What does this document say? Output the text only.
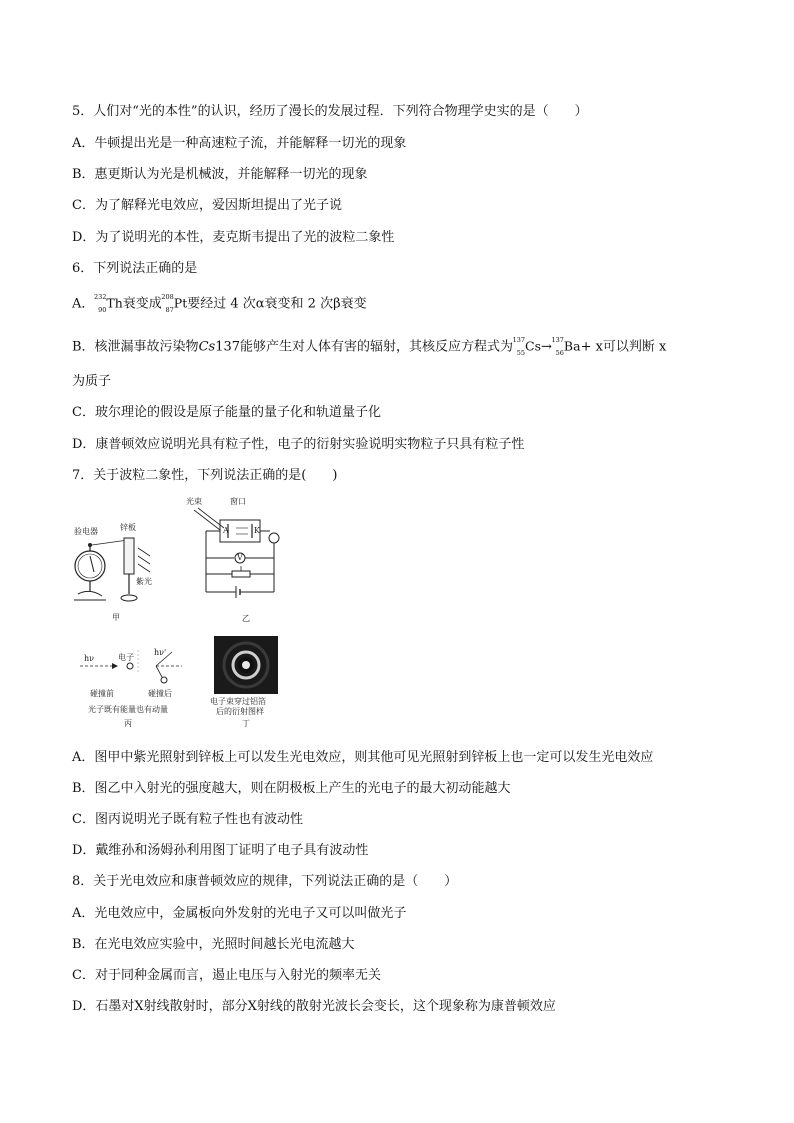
5．人们对“光的本性”的认识，经历了漫长的发展过程．下列符合物理学史实的是（　　）
A．牛顿提出光是一种高速粒子流，并能解释一切光的现象
B．惠更斯认为光是机械波，并能解释一切光的现象
C．为了解释光电效应，爱因斯坦提出了光子说
D．为了说明光的本性，麦克斯韦提出了光的波粒二象性
6．下列说法正确的是
A． 232
90 Th衰变成 208
87 Pt要经过 4 次α衰变和 2 次β衰变
B．核泄漏事故污染物Cs137能够产生对人体有害的辐射，其核反应方程式为 137
55 Cs→ 137
56 Ba+ x可以判断 x
为质子
C．玻尔理论的假设是原子能量的量子化和轨道量子化
D．康普顿效应说明光具有粒子性，电子的衍射实验说明实物粒子只具有粒子性
7．关于波粒二象性，下列说法正确的是(　　)
验电器	锌板
紫光
甲
光束	窗口
A	K
V
乙
hν	电子
hν'
碰撞前	碰撞后
光子既有能量也有动量
丙
电子束穿过铝箔
后的衍射图样
丁
A．图甲中紫光照射到锌板上可以发生光电效应，则其他可见光照射到锌板上也一定可以发生光电效应
B．图乙中入射光的强度越大，则在阴极板上产生的光电子的最大初动能越大
C．图丙说明光子既有粒子性也有波动性
D．戴维孙和汤姆孙利用图丁证明了电子具有波动性
8．关于光电效应和康普顿效应的规律，下列说法正确的是（　　）
A．光电效应中，金属板向外发射的光电子又可以叫做光子
B．在光电效应实验中，光照时间越长光电流越大
C．对于同种金属而言，遏止电压与入射光的频率无关
D．石墨对X射线散射时，部分X射线的散射光波长会变长，这个现象称为康普顿效应
